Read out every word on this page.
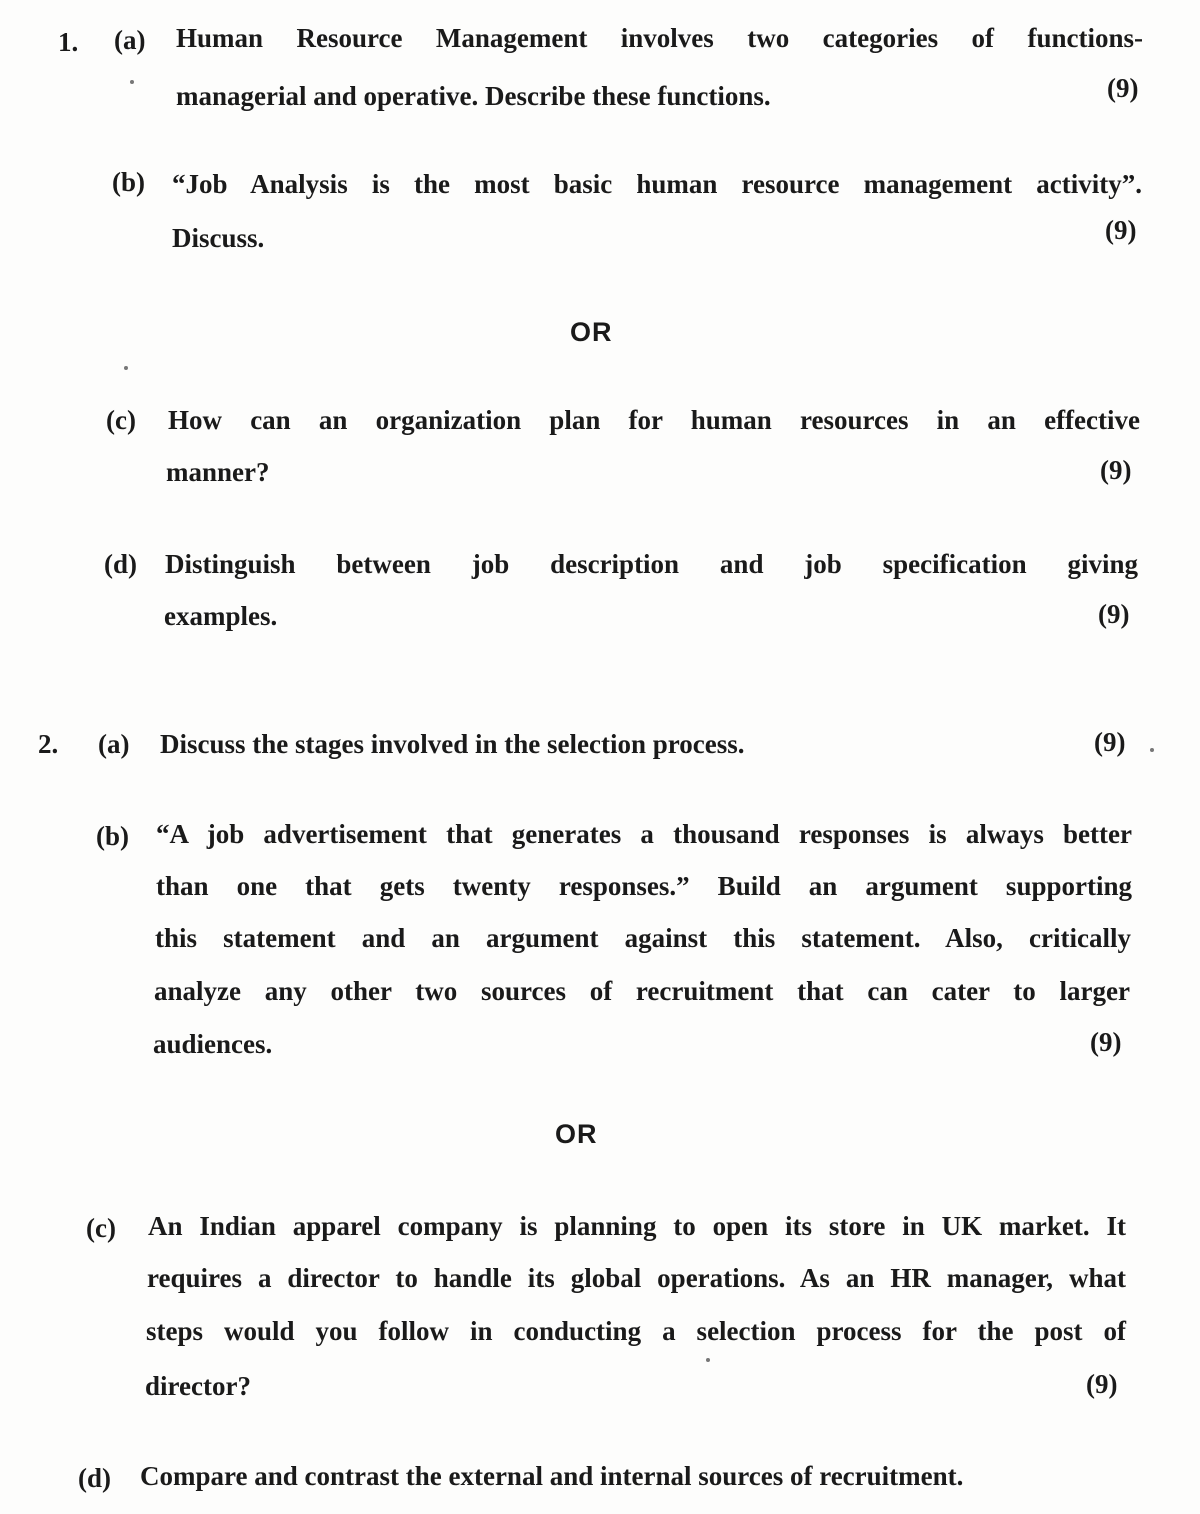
1. (a) Human Resource Management involves two categories of functions-
managerial and operative. Describe these functions.	(9)
(b) “Job Analysis is the most basic human resource management activity”.
Discuss.	(9)
OR
(c) How can an organization plan for human resources in an effective
manner?	(9)
(d) Distinguish between job description and job specification giving
examples.	(9)
2. (a) Discuss the stages involved in the selection process.	(9)
(b) “A job advertisement that generates a thousand responses is always better
than one that gets twenty responses.” Build an argument supporting
this statement and an argument against this statement. Also, critically
analyze any other two sources of recruitment that can cater to larger
audiences.	(9)
OR
(c) An Indian apparel company is planning to open its store in UK market. It
requires a director to handle its global operations. As an HR manager, what
steps would you follow in conducting a selection process for the post of
director?	(9)
(d) Compare and contrast the external and internal sources of recruitment.
